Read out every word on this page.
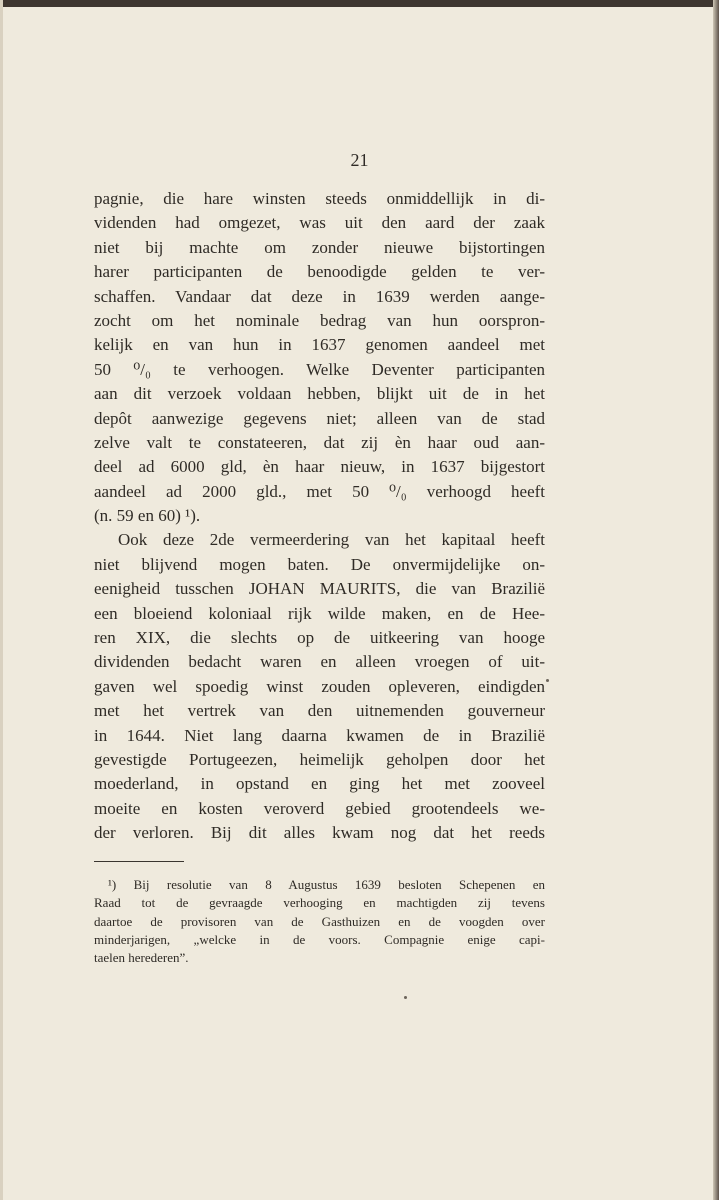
21
pagnie, die hare winsten steeds onmiddellijk in di-
videnden had omgezet, was uit den aard der zaak
niet bij machte om zonder nieuwe bijstortingen
harer participanten de benoodigde gelden te ver-
schaffen. Vandaar dat deze in 1639 werden aange-
zocht om het nominale bedrag van hun oorspron-
kelijk en van hun in 1637 genomen aandeel met
50 ⁰/₀ te verhoogen. Welke Deventer participanten
aan dit verzoek voldaan hebben, blijkt uit de in het
depôt aanwezige gegevens niet; alleen van de stad
zelve valt te constateeren, dat zij èn haar oud aan-
deel ad 6000 gld, èn haar nieuw, in 1637 bijgestort
aandeel ad 2000 gld., met 50 ⁰/₀ verhoogd heeft
(n. 59 en 60) ¹).
Ook deze 2de vermeerdering van het kapitaal heeft
niet blijvend mogen baten. De onvermijdelijke on-
eenigheid tusschen JOHAN MAURITS, die van Brazilië
een bloeiend koloniaal rijk wilde maken, en de Hee-
ren XIX, die slechts op de uitkeering van hooge
dividenden bedacht waren en alleen vroegen of uit-
gaven wel spoedig winst zouden opleveren, eindigden
met het vertrek van den uitnemenden gouverneur
in 1644. Niet lang daarna kwamen de in Brazilië
gevestigde Portugeezen, heimelijk geholpen door het
moederland, in opstand en ging het met zooveel
moeite en kosten veroverd gebied grootendeels we-
der verloren. Bij dit alles kwam nog dat het reeds
¹) Bij resolutie van 8 Augustus 1639 besloten Schepenen en
Raad tot de gevraagde verhooging en machtigden zij tevens
daartoe de provisoren van de Gasthuizen en de voogden over
minderjarigen, „welcke in de voors. Compagnie enige capi-
taelen herederen”.
